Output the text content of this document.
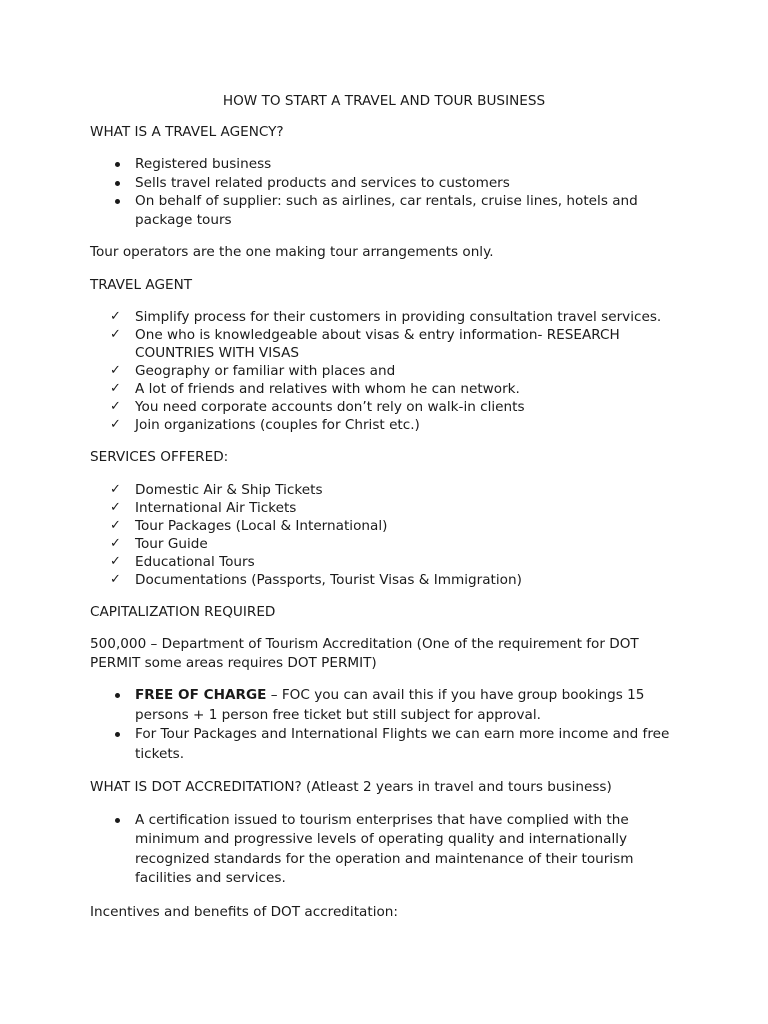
HOW TO START A TRAVEL AND TOUR BUSINESS

WHAT IS A TRAVEL AGENCY?

Registered business
Sells travel related products and services to customers
On behalf of supplier: such as airlines, car rentals, cruise lines, hotels and package tours

Tour operators are the one making tour arrangements only.

TRAVEL AGENT

✓ Simplify process for their customers in providing consultation travel services.
✓ One who is knowledgeable about visas & entry information- RESEARCH COUNTRIES WITH VISAS
✓ Geography or familiar with places and
✓ A lot of friends and relatives with whom he can network.
✓ You need corporate accounts don’t rely on walk-in clients
✓ Join organizations (couples for Christ etc.)

SERVICES OFFERED:

✓ Domestic Air & Ship Tickets
✓ International Air Tickets
✓ Tour Packages (Local & International)
✓ Tour Guide
✓ Educational Tours
✓ Documentations (Passports, Tourist Visas & Immigration)

CAPITALIZATION REQUIRED

500,000 – Department of Tourism Accreditation (One of the requirement for DOT PERMIT some areas requires DOT PERMIT)

FREE OF CHARGE – FOC you can avail this if you have group bookings 15 persons + 1 person free ticket but still subject for approval.
For Tour Packages and International Flights we can earn more income and free tickets.

WHAT IS DOT ACCREDITATION? (Atleast 2 years in travel and tours business)

A certification issued to tourism enterprises that have complied with the minimum and progressive levels of operating quality and internationally recognized standards for the operation and maintenance of their tourism facilities and services.

Incentives and benefits of DOT accreditation:
